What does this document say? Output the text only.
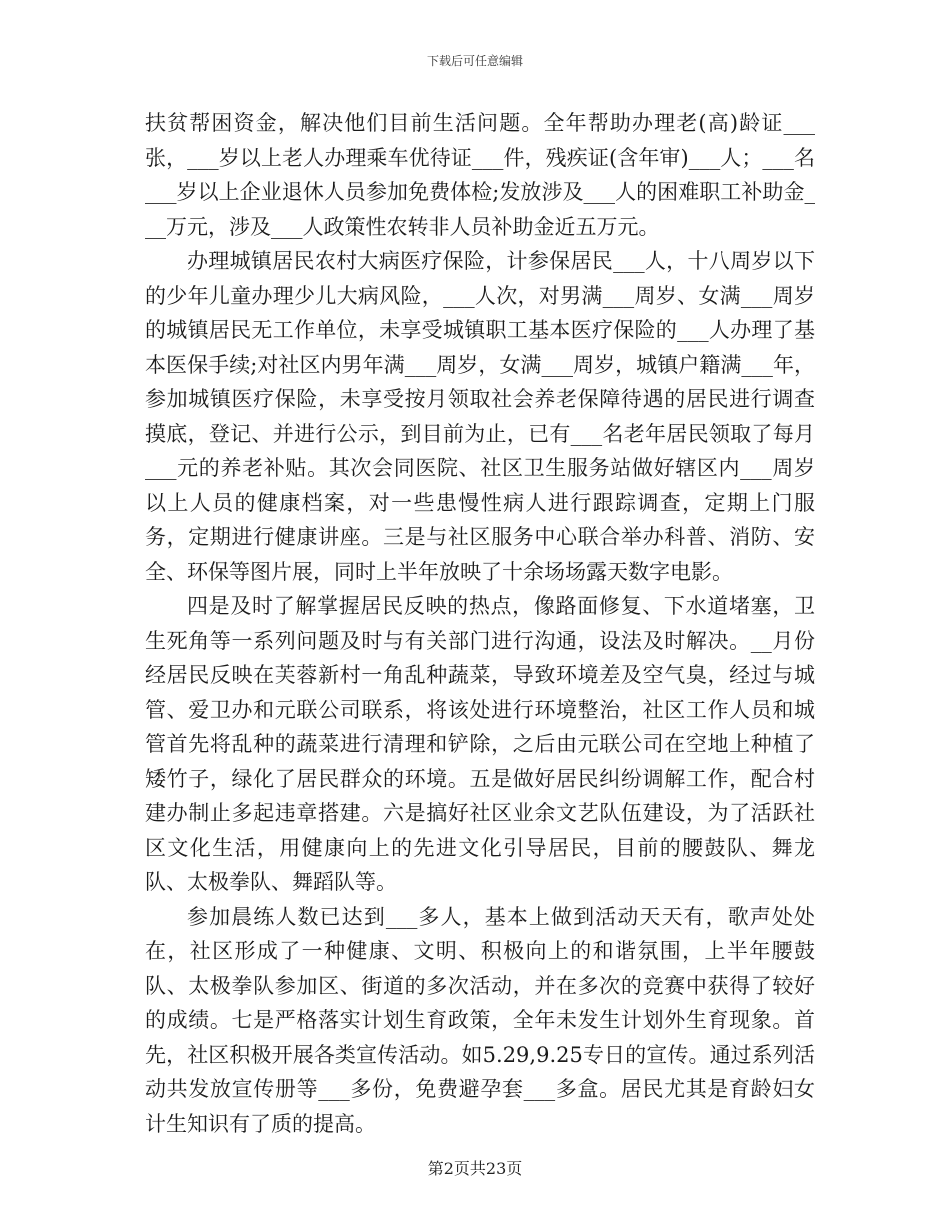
下载后可任意编辑

扶贫帮困资金，解决他们目前生活问题。全年帮助办理老(高)龄证___张，___岁以上老人办理乘车优待证___件，残疾证(含年审)___人；___名___岁以上企业退休人员参加免费体检;发放涉及___人的困难职工补助金___万元，涉及___人政策性农转非人员补助金近五万元。

办理城镇居民农村大病医疗保险，计参保居民___人，十八周岁以下的少年儿童办理少儿大病风险，___人次，对男满___周岁、女满___周岁的城镇居民无工作单位，未享受城镇职工基本医疗保险的___人办理了基本医保手续;对社区内男年满___周岁，女满___周岁，城镇户籍满___年，参加城镇医疗保险，未享受按月领取社会养老保障待遇的居民进行调查摸底，登记、并进行公示，到目前为止，已有___名老年居民领取了每月___元的养老补贴。其次会同医院、社区卫生服务站做好辖区内___周岁以上人员的健康档案，对一些患慢性病人进行跟踪调查，定期上门服务，定期进行健康讲座。三是与社区服务中心联合举办科普、消防、安全、环保等图片展，同时上半年放映了十余场场露天数字电影。

四是及时了解掌握居民反映的热点，像路面修复、下水道堵塞，卫生死角等一系列问题及时与有关部门进行沟通，设法及时解决。__月份经居民反映在芙蓉新村一角乱种蔬菜，导致环境差及空气臭，经过与城管、爱卫办和元联公司联系，将该处进行环境整治，社区工作人员和城管首先将乱种的蔬菜进行清理和铲除，之后由元联公司在空地上种植了矮竹子，绿化了居民群众的环境。五是做好居民纠纷调解工作，配合村建办制止多起违章搭建。六是搞好社区业余文艺队伍建设，为了活跃社区文化生活，用健康向上的先进文化引导居民，目前的腰鼓队、舞龙队、太极拳队、舞蹈队等。

参加晨练人数已达到___多人，基本上做到活动天天有，歌声处处在，社区形成了一种健康、文明、积极向上的和谐氛围，上半年腰鼓队、太极拳队参加区、街道的多次活动，并在多次的竞赛中获得了较好的成绩。七是严格落实计划生育政策，全年未发生计划外生育现象。首先，社区积极开展各类宣传活动。如5.29,9.25专日的宣传。通过系列活动共发放宣传册等___多份，免费避孕套___多盒。居民尤其是育龄妇女计生知识有了质的提高。

第2页共23页
